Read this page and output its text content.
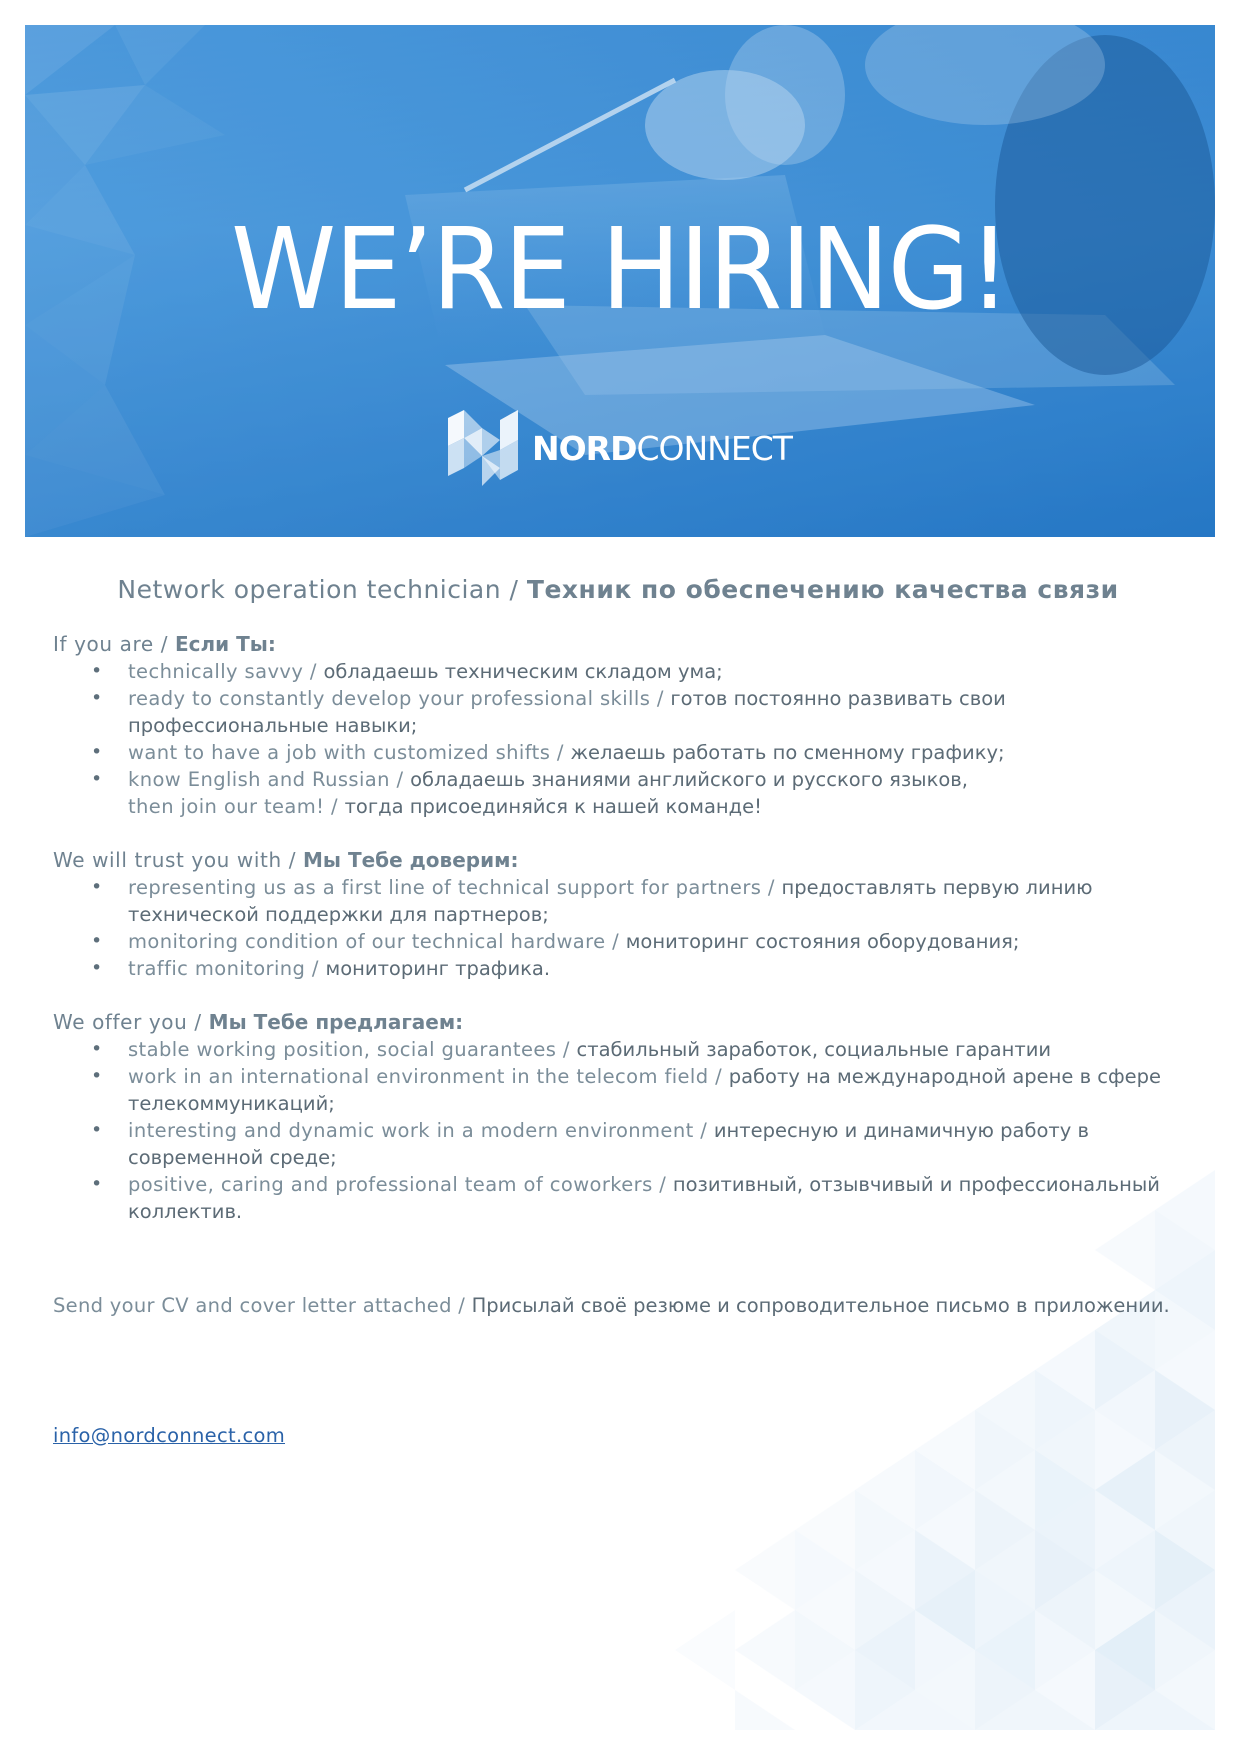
WE’RE HIRING!
NORDCONNECT
Network operation technician / Техник по обеспечению качества связи
If you are / Если Ты:
• technically savvy / обладаешь техническим складом ума;
• ready to constantly develop your professional skills / готов постоянно развивать свои профессиональные навыки;
• want to have a job with customized shifts / желаешь работать по сменному графику;
• know English and Russian / обладаешь знаниями английского и русского языков,
then join our team! / тогда присоединяйся к нашей команде!
We will trust you with / Мы Тебе доверим:
• representing us as a first line of technical support for partners / предоставлять первую линию технической поддержки для партнеров;
• monitoring condition of our technical hardware / мониторинг состояния оборудования;
• traffic monitoring / мониторинг трафика.
We offer you / Мы Тебе предлагаем:
• stable working position, social guarantees / стабильный заработок, социальные гарантии
• work in an international environment in the telecom field / работу на международной арене в сфере телекоммуникаций;
• interesting and dynamic work in a modern environment / интересную и динамичную работу в современной среде;
• positive, caring and professional team of coworkers / позитивный, отзывчивый и профессиональный коллектив.
Send your CV and cover letter attached / Присылай своё резюме и сопроводительное письмо в приложении.
info@nordconnect.com
